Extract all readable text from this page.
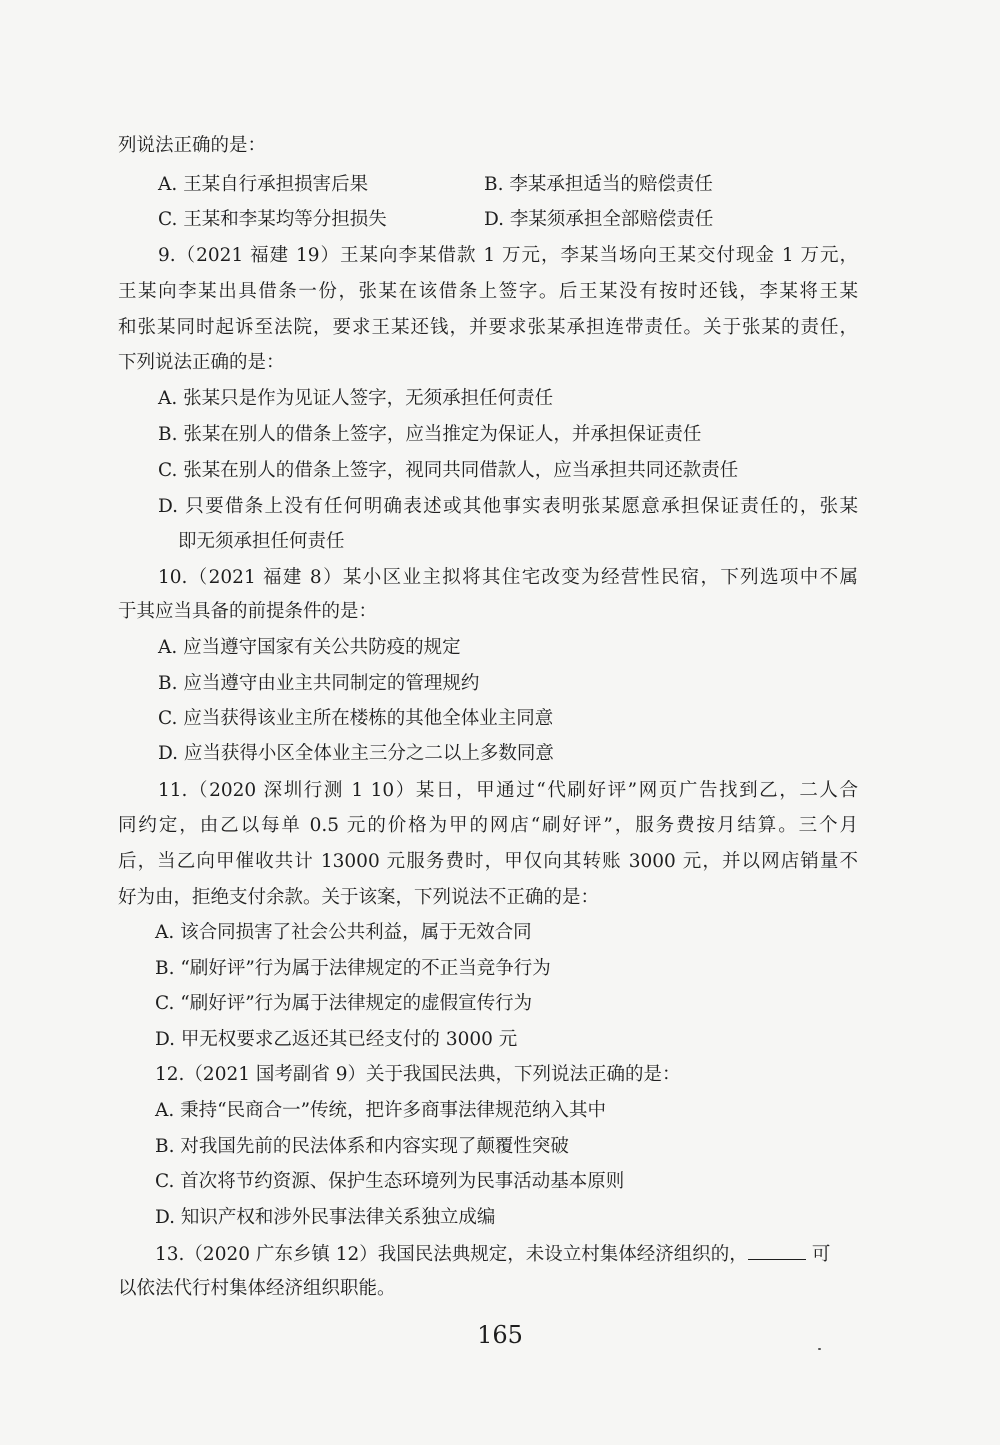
列说法正确的是：
A. 王某自行承担损害后果	B. 李某承担适当的赔偿责任
C. 王某和李某均等分担损失	D. 李某须承担全部赔偿责任
9.（2021 福建 19）王某向李某借款 1 万元，李某当场向王某交付现金 1 万元，
王某向李某出具借条一份，张某在该借条上签字。后王某没有按时还钱，李某将王某
和张某同时起诉至法院，要求王某还钱，并要求张某承担连带责任。关于张某的责任，
下列说法正确的是：
A. 张某只是作为见证人签字，无须承担任何责任
B. 张某在别人的借条上签字，应当推定为保证人，并承担保证责任
C. 张某在别人的借条上签字，视同共同借款人，应当承担共同还款责任
D. 只要借条上没有任何明确表述或其他事实表明张某愿意承担保证责任的，张某
即无须承担任何责任
10.（2021 福建 8）某小区业主拟将其住宅改变为经营性民宿，下列选项中不属
于其应当具备的前提条件的是：
A. 应当遵守国家有关公共防疫的规定
B. 应当遵守由业主共同制定的管理规约
C. 应当获得该业主所在楼栋的其他全体业主同意
D. 应当获得小区全体业主三分之二以上多数同意
11.（2020 深圳行测 1 10）某日，甲通过“代刷好评”网页广告找到乙，二人合
同约定，由乙以每单 0.5 元的价格为甲的网店“刷好评”，服务费按月结算。三个月
后，当乙向甲催收共计 13000 元服务费时，甲仅向其转账 3000 元，并以网店销量不
好为由，拒绝支付余款。关于该案，下列说法不正确的是：
A. 该合同损害了社会公共利益，属于无效合同
B. “刷好评”行为属于法律规定的不正当竞争行为
C. “刷好评”行为属于法律规定的虚假宣传行为
D. 甲无权要求乙返还其已经支付的 3000 元
12.（2021 国考副省 9）关于我国民法典，下列说法正确的是：
A. 秉持“民商合一”传统，把许多商事法律规范纳入其中
B. 对我国先前的民法体系和内容实现了颠覆性突破
C. 首次将节约资源、保护生态环境列为民事活动基本原则
D. 知识产权和涉外民事法律关系独立成编
13.（2020 广东乡镇 12）我国民法典规定，未设立村集体经济组织的，	可
以依法代行村集体经济组织职能。
165
